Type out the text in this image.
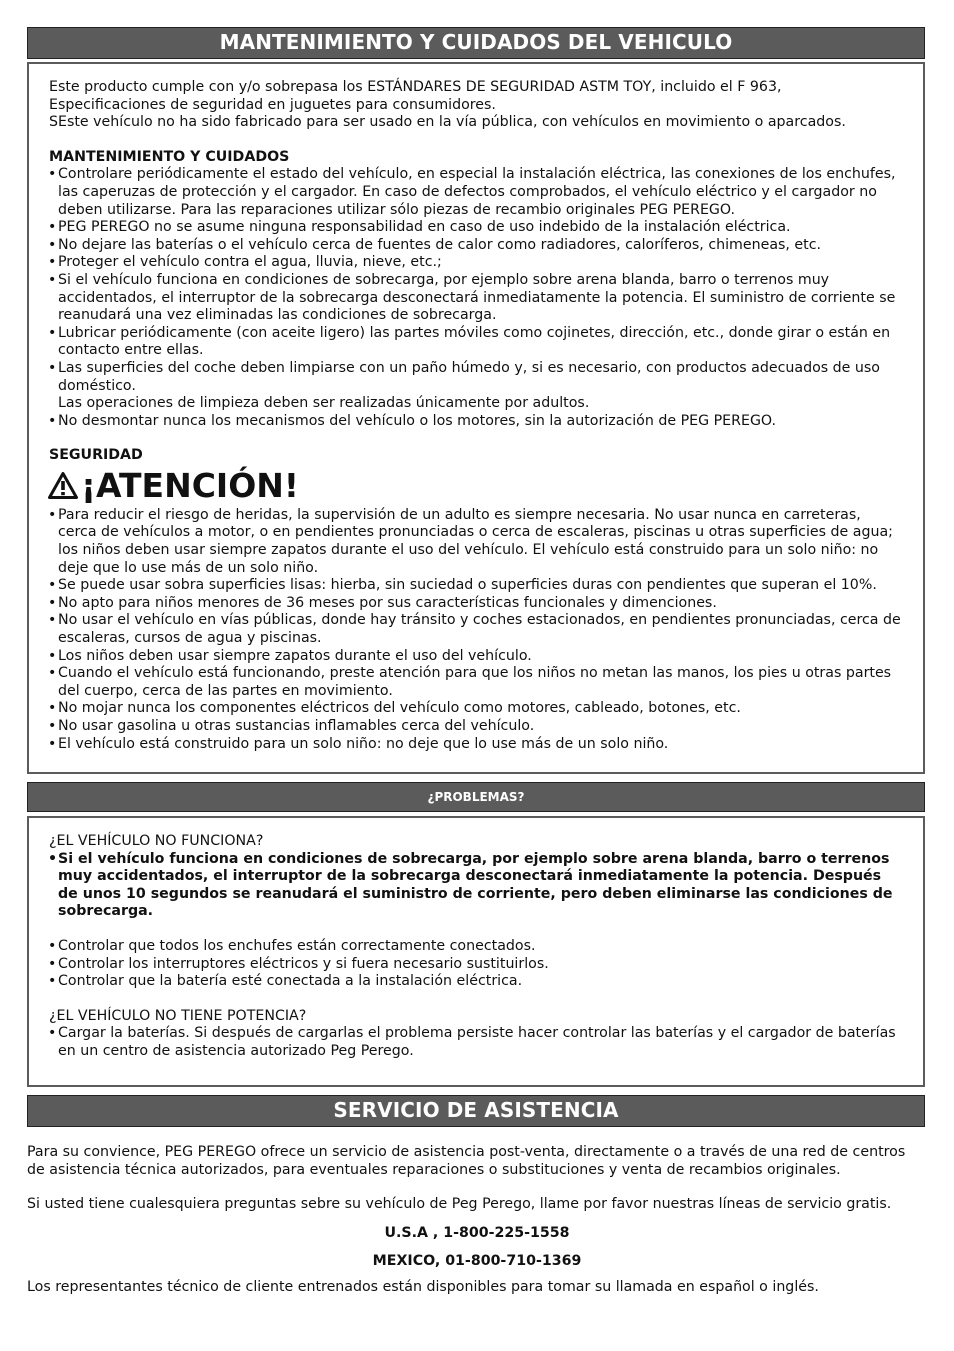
MANTENIMIENTO Y CUIDADOS DEL VEHICULO

Este producto cumple con y/o sobrepasa los ESTÁNDARES DE SEGURIDAD ASTM TOY, incluido el F 963, Especificaciones de seguridad en juguetes para consumidores.

SEste vehículo no ha sido fabricado para ser usado en la vía pública, con vehículos en movimiento o aparcados.

MANTENIMIENTO Y CUIDADOS

• Controlare periódicamente el estado del vehículo, en especial la instalación eléctrica, las conexiones de los enchufes, las caperuzas de protección y el cargador. En caso de defectos comprobados, el vehículo eléctrico y el cargador no deben utilizarse. Para las reparaciones utilizar sólo piezas de recambio originales PEG PEREGO.
• PEG PEREGO no se asume ninguna responsabilidad en caso de uso indebido de la instalación eléctrica.
• No dejare las baterías o el vehículo cerca de fuentes de calor como radiadores, caloríferos, chimeneas, etc.
• Proteger el vehículo contra el agua, lluvia, nieve, etc.;
• Si el vehículo funciona en condiciones de sobrecarga, por ejemplo sobre arena blanda, barro o terrenos muy accidentados, el interruptor de la sobrecarga desconectará inmediatamente la potencia. El suministro de corriente se reanudará una vez eliminadas las condiciones de sobrecarga.
• Lubricar periódicamente (con aceite ligero) las partes móviles como cojinetes, dirección, etc., donde girar o están en contacto entre ellas.
• Las superficies del coche deben limpiarse con un paño húmedo y, si es necesario, con productos adecuados de uso doméstico.
Las operaciones de limpieza deben ser realizadas únicamente por adultos.
• No desmontar nunca los mecanismos del vehículo o los motores, sin la autorización de PEG PEREGO.

SEGURIDAD

¡ATENCIÓN!
• Para reducir el riesgo de heridas, la supervisión de un adulto es siempre necesaria. No usar nunca en carreteras, cerca de vehículos a motor, o en pendientes pronunciadas o cerca de escaleras, piscinas u otras superficies de agua; los niños deben usar siempre zapatos durante el uso del vehículo. El vehículo está construido para un solo niño: no deje que lo use más de un solo niño.
• Se puede usar sobra superficies lisas: hierba, sin suciedad o superficies duras con pendientes que superan el 10%.
• No apto para niños menores de 36 meses por sus características funcionales y dimenciones.
• No usar el vehículo en vías públicas, donde hay tránsito y coches estacionados, en pendientes pronunciadas, cerca de escaleras, cursos de agua y piscinas.
• Los niños deben usar siempre zapatos durante el uso del vehículo.
• Cuando el vehículo está funcionando, preste atención para que los niños no metan las manos, los pies u otras partes del cuerpo, cerca de las partes en movimiento.
• No mojar nunca los componentes eléctricos del vehículo como motores, cableado, botones, etc.
• No usar gasolina u otras sustancias inflamables cerca del vehículo.
• El vehículo está construido para un solo niño: no deje que lo use más de un solo niño.
¿PROBLEMAS?

¿EL VEHÍCULO NO FUNCIONA?

• Si el vehículo funciona en condiciones de sobrecarga, por ejemplo sobre arena blanda, barro o terrenos muy accidentados, el interruptor de la sobrecarga desconectará inmediatamente la potencia. Después de unos 10 segundos se reanudará el suministro de corriente, pero deben eliminarse las condiciones de sobrecarga.
• Controlar que todos los enchufes están correctamente conectados.
• Controlar los interruptores eléctricos y si fuera necesario sustituirlos.
• Controlar que la batería esté conectada a la instalación eléctrica.

¿EL VEHÍCULO NO TIENE POTENCIA?

• Cargar la baterías. Si después de cargarlas el problema persiste hacer controlar las baterías y el cargador de baterías en un centro de asistencia autorizado Peg Perego.
SERVICIO DE ASISTENCIA

Para su convience, PEG PEREGO ofrece un servicio de asistencia post-venta, directamente o a través de una red de centros de asistencia técnica autorizados, para eventuales reparaciones o substituciones y venta de recambios originales.

Si usted tiene cualesquiera preguntas sebre su vehículo de Peg Perego, llame por favor nuestras líneas de servicio gratis.

U.S.A , 1-800-225-1558

MEXICO, 01-800-710-1369

Los representantes técnico de cliente entrenados están disponibles para tomar su llamada en español o inglés.
